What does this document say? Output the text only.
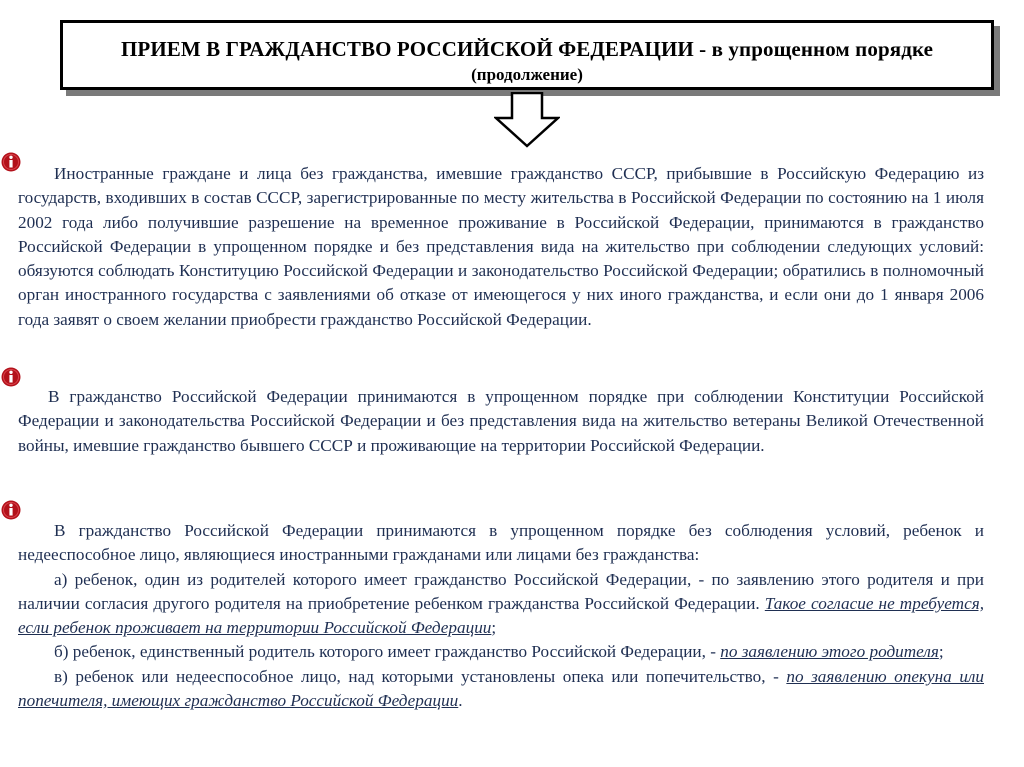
ПРИЕМ В ГРАЖДАНСТВО РОССИЙСКОЙ ФЕДЕРАЦИИ - в упрощенном порядке
(продолжение)

Иностранные граждане и лица без гражданства, имевшие гражданство СССР, прибывшие в Российскую Федерацию из государств, входивших в состав СССР, зарегистрированные по месту жительства в Российской Федерации по состоянию на 1 июля 2002 года либо получившие разрешение на временное проживание в Российской Федерации, принимаются в гражданство Российской Федерации в упрощенном порядке и без представления вида на жительство при соблюдении следующих условий: обязуются соблюдать Конституцию Российской Федерации и законодательство Российской Федерации; обратились в полномочный орган иностранного государства с заявлениями об отказе от имеющегося у них иного гражданства, и если они до 1 января 2006 года заявят о своем желании приобрести гражданство Российской Федерации.

В гражданство Российской Федерации принимаются в упрощенном порядке при соблюдении Конституции Российской Федерации и законодательства Российской Федерации и без представления вида на жительство ветераны Великой Отечественной войны, имевшие гражданство бывшего СССР и проживающие на территории Российской Федерации.

В гражданство Российской Федерации принимаются в упрощенном порядке без соблюдения условий, ребенок и недееспособное лицо, являющиеся иностранными гражданами или лицами без гражданства:

а) ребенок, один из родителей которого имеет гражданство Российской Федерации, - по заявлению этого родителя и при наличии согласия другого родителя на приобретение ребенком гражданства Российской Федерации. Такое согласие не требуется, если ребенок проживает на территории Российской Федерации;

б) ребенок, единственный родитель которого имеет гражданство Российской Федерации, - по заявлению этого родителя;

в) ребенок или недееспособное лицо, над которыми установлены опека или попечительство, - по заявлению опекуна или попечителя, имеющих гражданство Российской Федерации.
